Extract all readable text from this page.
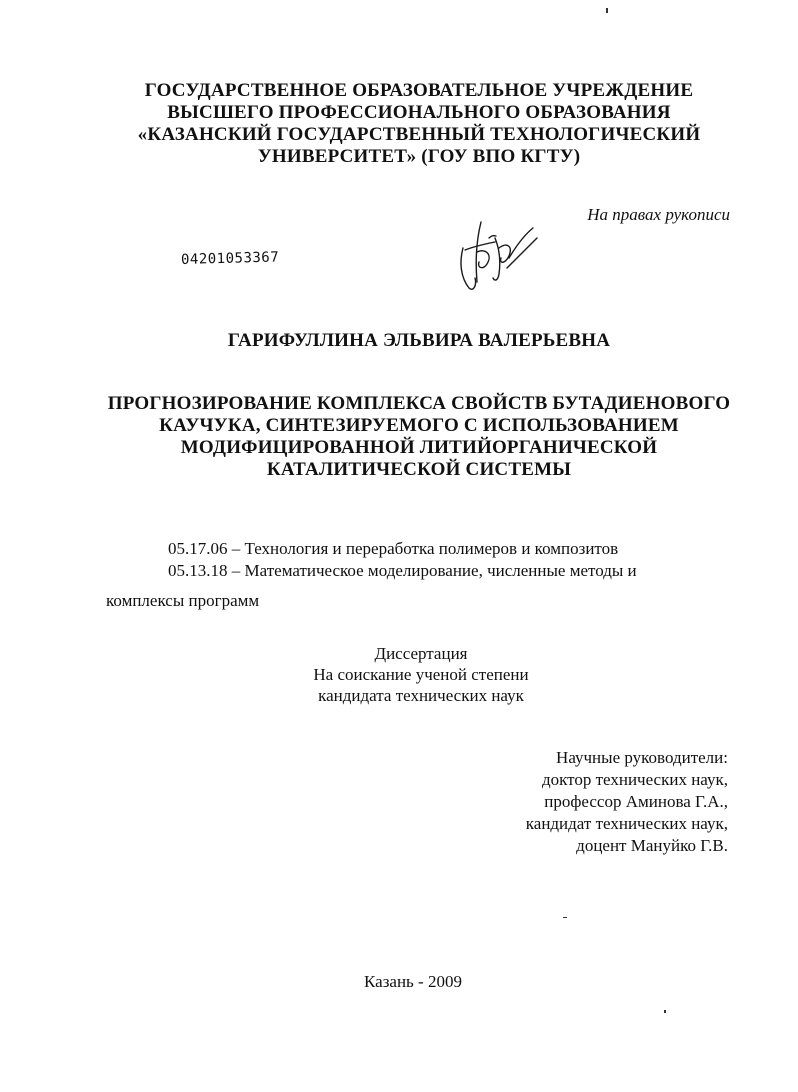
ГОСУДАРСТВЕННОЕ ОБРАЗОВАТЕЛЬНОЕ УЧРЕЖДЕНИЕ
ВЫСШЕГО ПРОФЕССИОНАЛЬНОГО ОБРАЗОВАНИЯ
«КАЗАНСКИЙ ГОСУДАРСТВЕННЫЙ ТЕХНОЛОГИЧЕСКИЙ
УНИВЕРСИТЕТ» (ГОУ ВПО КГТУ)
На правах рукописи
04201053367
ГАРИФУЛЛИНА ЭЛЬВИРА ВАЛЕРЬЕВНА
ПРОГНОЗИРОВАНИЕ КОМПЛЕКСА СВОЙСТВ БУТАДИЕНОВОГО
КАУЧУКА, СИНТЕЗИРУЕМОГО С ИСПОЛЬЗОВАНИЕМ
МОДИФИЦИРОВАННОЙ ЛИТИЙОРГАНИЧЕСКОЙ
КАТАЛИТИЧЕСКОЙ СИСТЕМЫ
05.17.06 – Технология и переработка полимеров и композитов
05.13.18 – Математическое моделирование, численные методы и
комплексы программ
Диссертация
На соискание ученой степени
кандидата технических наук
Научные руководители:
доктор технических наук,
профессор Аминова Г.А.,
кандидат технических наук,
доцент Мануйко Г.В.
Казань - 2009
